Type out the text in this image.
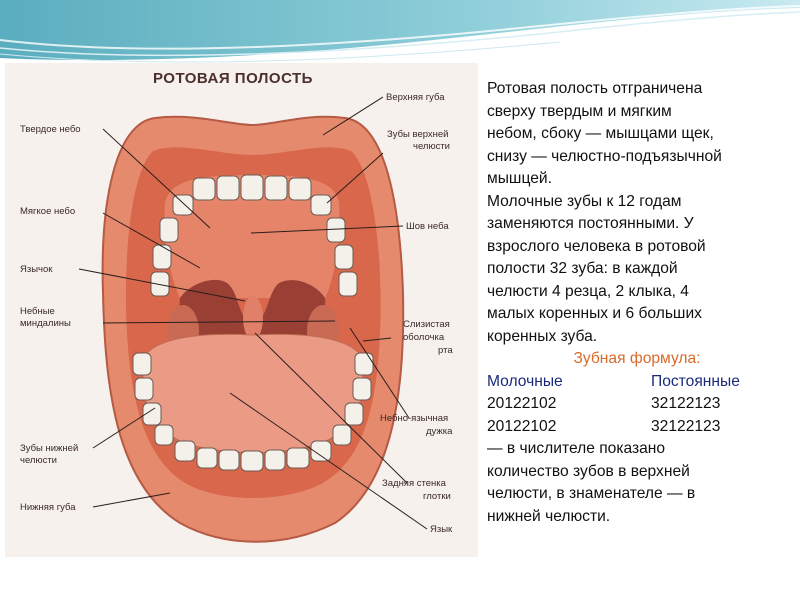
Верхняя губа
Твердое небо	Зубы верхней
челюсти
Мягкое небо
Шов неба
Язычок
Небные
миндалины	Слизистая
оболочка
рта
Небно-язычная
дужка
Зубы нижней
челюсти
Задняя стенка
глотки
Нижняя губа
Язык
РОТОВАЯ ПОЛОСТЬ
Ротовая полость отграничена
сверху твердым и мягким
небом, сбоку — мышцами щек,
снизу — челюстно-подъязычной
мышцей.
Молочные зубы к 12 годам
заменяются постоянными. У
взрослого человека в ротовой
полости 32 зуба: в каждой
челюсти 4 резца, 2 клыка, 4
малых коренных и 6 больших
коренных зуба.
Зубная формула:
Молочные	Постоянные
20122102	32122123
20122102	32122123
— в числителе показано
количество зубов в верхней
челюсти, в знаменателе — в
нижней челюсти.
